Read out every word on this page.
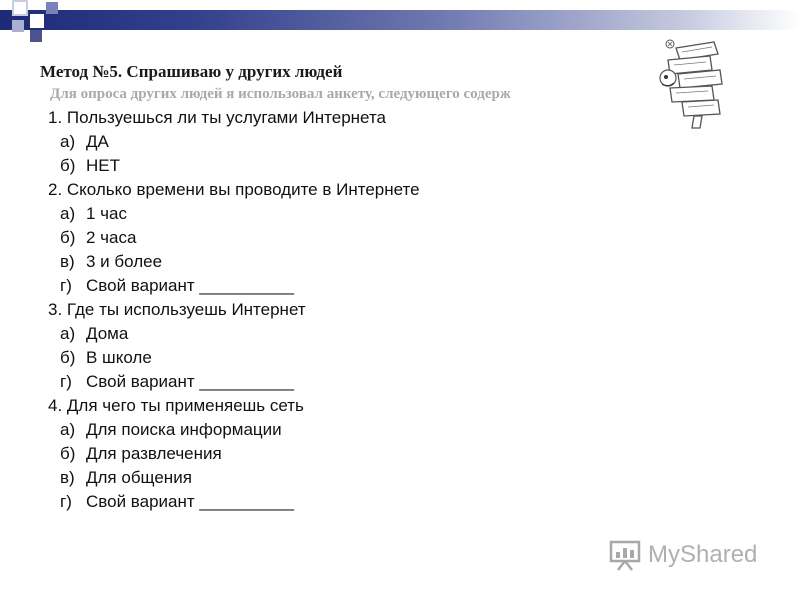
Метод №5. Спрашиваю у других людей
Для опроса других людей я использовал анкету, следующего содерж

1. Пользуешься ли ты услугами Интернета

а) ДА

б) НЕТ

2. Сколько времени вы проводите в Интернете

а) 1 час

б) 2 часа

в) 3 и более

г) Свой вариант __________

3. Где ты используешь Интернет

а) Дома

б) В школе

г) Свой вариант __________

4. Для чего ты применяешь сеть

а) Для поиска информации

б) Для развлечения

в) Для общения

г) Свой вариант __________

MyShared
